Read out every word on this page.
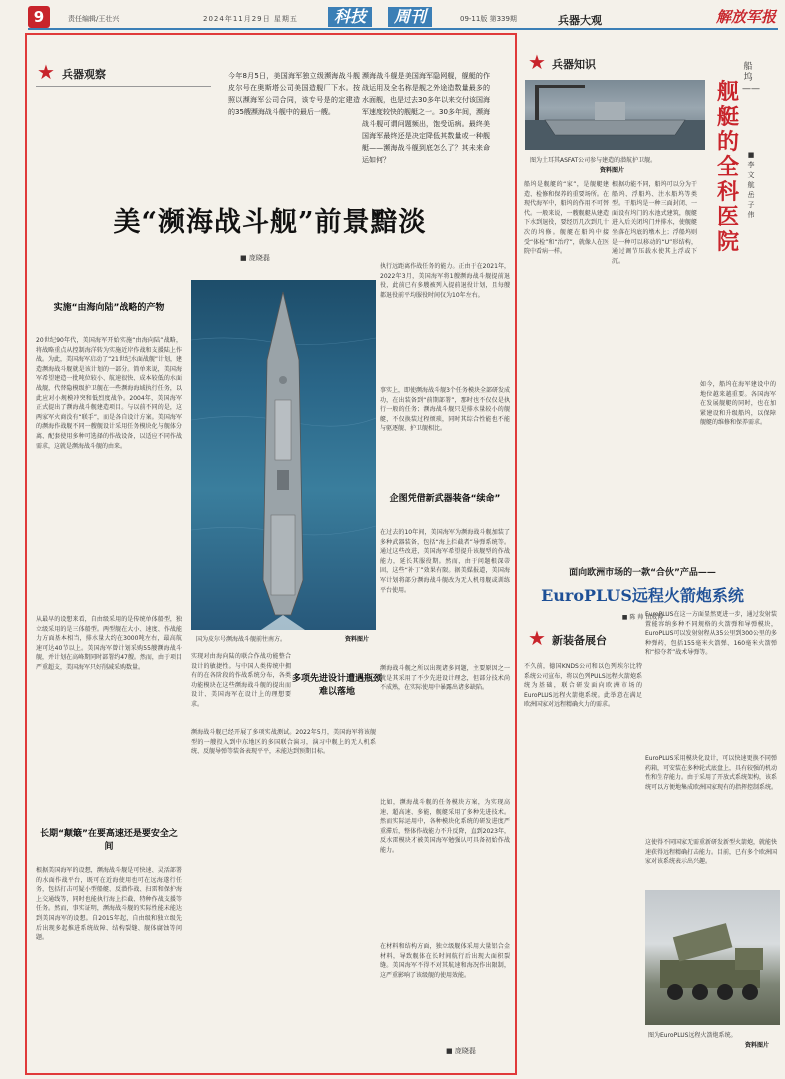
9	责任编辑/王壮兴	2024年11月29日 星期五	科技	周刊	09-11版 第339期	兵器大观	解放军报
★ 兵器观察	今年8月5日，美国海军独立级濒海战斗舰皮尔号在奥斯塔公司美国造舰厂下水。按照以濒海军公司合同，该专号是的定建造的35艘濒海战斗舰中的最后一艘。
濒海战斗舰是美国海军隐网舰，舰艇的作战运用及全名称是舰之外途造数量最多的水面舰，也是过去30多年以来交付该国海军速度较快的舰艇之一。30多年间，濒海战斗舰可谓问题频出，饱受诟病。最终美国海军最终还是决定降低其数量或一种舰艇——濒海战斗舰到底怎么了？其未来命运如何？
美“濒海战斗舰”前景黯淡
■ 庞晓磊
实施“由海向陆”战略的产物
20世纪90年代，美国海军开始实施“由海向陆”战略，将战略重点从控制海洋转为实施近岸作战和支援陆上作战。为此，美国海军启动了“21世纪水面战舰”计划，建造濒海战斗舰就是该计划的一部分。简单来说，美国海军希望建造一批吨位较小、航速很快、成本较低的水面战舰，代替隐模级护卫舰在一些濒海海域执行任务，以此应对小规模冲突和低烈度战争。2004年，美国海军正式提出了濒海战斗舰建造项目。与以前不同的是，这两家军火商没有“联手”，而是各自设计方案。美国海军的濒海作战舰不同一艘舰设计采用任务模块化与舰体分离、配套使用多种可选择的作战设备，以适应不同作战需求，这就是濒海战斗舰的由来。
从最早的设想来看，自由级采用的是传统单体船型，独立级采用的是三体船型。两型舰在大小、速度、作战能力方面基本相当，排水量大约在3000吨左右，最高航速可达40节以上。美国海军曾计划采购55艘濒海战斗舰，并计划在高峰期同时部署约47艘。然而，由于项目严重超支，美国海军只好削减采购数量。
长期“颠簸”在要高速还是要安全之间
根据美国海军的设想，濒海战斗舰是可快速、灵活部署的水面作战平台，既可在近海使用也可在远海遂行任务，包括打击可疑小型船艇、反潜作战、扫雷和保护海上交通线等，同时也能执行海上拦截、特种作战支援等任务。然而，事实证明，濒海战斗舰的实际性能未能达到美国海军的设想。自2015年起，自由级和独立级先后出现多起推进系统故障、结构裂缝、舰体腐蚀等问题。
国为皮尔号濒海战斗舰前往南方。	资料图片
实现对由海向陆的联合作战功能整合设计的敏捷性。与中国人类传统中拥有的在各阶段的作战系统分布，各类功能模块在这些濒海战斗舰的提出而设计、美国海军在设计上的理想要求。
多项先进设计遭遇瓶颈难以落地
濒海战斗舰已经开展了多项实战测试。2022年5月，美国海军将该舰型的一艘投入到中东地区的多国联合演习，演习中舰上的无人机系统、反舰导弹等装备表现平平，未能达到预期目标。
执行远距离作战任务的能力。正由于在2021年，2022年3月，美国海军将1艘濒海战斗舰提前退役，此前已有多艘被列入提前退役计划，且每艘都退役前平均服役时间仅为10年左右。
事实上，即使濒海战斗舰3个任务模块全部研发成功，在出装备到“前期部署”，那时也不仅仅是执行一般的任务；濒海战斗舰只是排水量较小的舰艇，不仅换装过程烦琐，同时其综合性能也不能与驱逐舰、护卫舰相比。
企图凭借新武器装备“续命”
在过去的10年间，美国海军为濒海战斗舰加装了多种武器装备，包括“海上拦截者”导弹系统等。通过这些改进，美国海军希望提升该舰型的作战能力，延长其服役期。然而，由于问题根深蒂固，这些“补丁”效果有限。据美媒报道，美国海军计划将部分濒海战斗舰改为无人机母舰或训练平台使用。
濒海战斗舰之所以出现诸多问题，主要原因之一就是其采用了不少先进设计理念，但部分技术尚不成熟，在实际使用中暴露出诸多缺陷。
比如，濒海战斗舰的任务模块方案，为实现高速、超高速、多能，舰艇采用了多种先进技术。然而实际运用中，各种模块化系统的研发进度严重滞后，整体作战能力不升反降，直到2023年，反水雷模块才被美国海军勉强认可具备初始作战能力。
在材料和结构方面，独立级舰体采用大量铝合金材料，导致舰体在长时间航行后出现大面积裂缝。美国海军不得不对其航速和海况作出限制，这严重影响了该级舰的使用效能。
■ 庞晓磊
★ 兵器知识
图为土耳其ASFAT公司参与建造的潜航护卫舰。
资料图片
船坞——
舰艇的全科医院
■ 李文航 岳子伟
船坞是舰艇的“家”，是舰艇建造、检修和保养的重要场所。在现代海军中，船坞的作用不可替代。一般来说，一艘舰艇从建造下水到退役，要经历几次到几十次的坞修。舰艇在船坞中接受“体检”和“治疗”，就像人在医院中看病一样。
根据功能不同，船坞可以分为干船坞、浮船坞、注水船坞等类型。干船坞是一种三面封闭、一面设有坞门的水池式建筑，舰艇进入后关闭坞门并排水，使舰艇坐落在坞底的墩木上；浮船坞则是一种可以移动的“U”形结构，通过调节压载水使其上浮或下沉。
如今，船坞在海军建设中的地位越来越重要。各国海军在发展舰艇的同时，也在加紧建设和升级船坞，以保障舰艇的维修和保养需求。
面向欧洲市场的一款“合伙”产品——
EuroPLUS远程火箭炮系统
■ 陈 帅 田成博
★ 新装备展台
不久前，德国KNDS公司和以色列埃尔比特系统公司宣布，将以色列PULS远程火箭炮系统为基础，联合研发面向欧洲市场的EuroPLUS远程火箭炮系统。此举意在满足欧洲国家对远程精确火力的需求。
EuroPLUS在这一方面显然更进一步，通过发射装置能容纳多种不同规格的火箭弹和导弹模块，EuroPLUS可以发射射程从35公里到300公里的多种弹药，包括155毫米火箭弹、160毫米火箭弹和“掠夺者”战术导弹等。
EuroPLUS采用模块化设计，可以快速更换不同弹药箱，可安装在多种轮式底盘上，具有较强的机动性和生存能力。由于采用了开放式系统架构，该系统可以方便地集成欧洲国家现有的指挥控制系统。
这使得不同国家无需重新研发新型火箭炮，就能快速获得远程精确打击能力。目前，已有多个欧洲国家对该系统表示出兴趣。
图为EuroPLUS远程火箭炮系统。
资料图片
